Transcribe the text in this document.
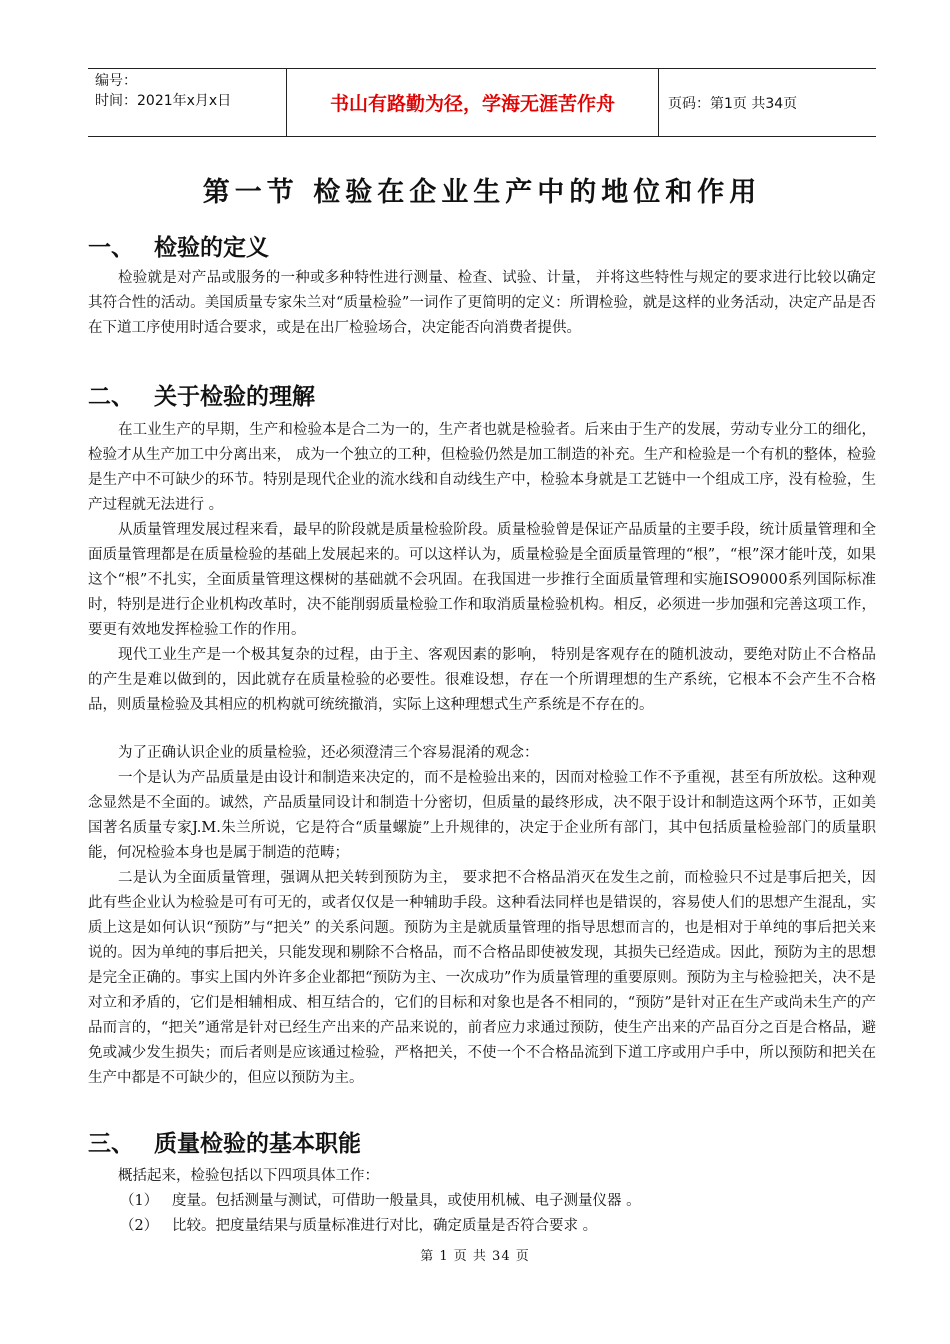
编号：
时间：2021年x月x日	书山有路勤为径，学海无涯苦作舟	页码：第1页 共34页
第一节 检验在企业生产中的地位和作用
一、 检验的定义

检验就是对产品或服务的一种或多种特性进行测量、检查、试验、计量， 并将这些特性与规定的要求进行比较以确定其符合性的活动。美国质量专家朱兰对“质量检验”一词作了更简明的定义：所谓检验，就是这样的业务活动，决定产品是否在下道工序使用时适合要求，或是在出厂检验场合，决定能否向消费者提供。

二、 关于检验的理解

在工业生产的早期，生产和检验本是合二为一的，生产者也就是检验者。后来由于生产的发展，劳动专业分工的细化，检验才从生产加工中分离出来， 成为一个独立的工种，但检验仍然是加工制造的补充。生产和检验是一个有机的整体，检验是生产中不可缺少的环节。特别是现代企业的流水线和自动线生产中，检验本身就是工艺链中一个组成工序，没有检验，生产过程就无法进行 。

从质量管理发展过程来看，最早的阶段就是质量检验阶段。质量检验曾是保证产品质量的主要手段，统计质量管理和全面质量管理都是在质量检验的基础上发展起来的。可以这样认为，质量检验是全面质量管理的“根”，“根”深才能叶茂，如果这个“根”不扎实，全面质量管理这棵树的基础就不会巩固。在我国进一步推行全面质量管理和实施ISO9000系列国际标准时，特别是进行企业机构改革时，决不能削弱质量检验工作和取消质量检验机构。相反，必须进一步加强和完善这项工作，要更有效地发挥检验工作的作用。

现代工业生产是一个极其复杂的过程，由于主、客观因素的影响， 特别是客观存在的随机波动，要绝对防止不合格品的产生是难以做到的，因此就存在质量检验的必要性。很难设想，存在一个所谓理想的生产系统，它根本不会产生不合格品，则质量检验及其相应的机构就可统统撤消，实际上这种理想式生产系统是不存在的。

为了正确认识企业的质量检验，还必须澄清三个容易混淆的观念：

一个是认为产品质量是由设计和制造来决定的，而不是检验出来的，因而对检验工作不予重视，甚至有所放松。这种观念显然是不全面的。诚然，产品质量同设计和制造十分密切，但质量的最终形成，决不限于设计和制造这两个环节，正如美国著名质量专家J.M.朱兰所说，它是符合“质量螺旋”上升规律的，决定于企业所有部门，其中包括质量检验部门的质量职能，何况检验本身也是属于制造的范畴；

二是认为全面质量管理，强调从把关转到预防为主， 要求把不合格品消灭在发生之前，而检验只不过是事后把关，因此有些企业认为检验是可有可无的，或者仅仅是一种辅助手段。这种看法同样也是错误的，容易使人们的思想产生混乱，实质上这是如何认识“预防”与“把关” 的关系问题。预防为主是就质量管理的指导思想而言的，也是相对于单纯的事后把关来说的。因为单纯的事后把关，只能发现和剔除不合格品，而不合格品即使被发现，其损失已经造成。因此，预防为主的思想是完全正确的。事实上国内外许多企业都把“预防为主、一次成功”作为质量管理的重要原则。预防为主与检验把关，决不是对立和矛盾的，它们是相辅相成、相互结合的，它们的目标和对象也是各不相同的，“预防”是针对正在生产或尚未生产的产品而言的，“把关”通常是针对已经生产出来的产品来说的，前者应力求通过预防，使生产出来的产品百分之百是合格品，避免或减少发生损失；而后者则是应该通过检验，严格把关，不使一个不合格品流到下道工序或用户手中，所以预防和把关在生产中都是不可缺少的，但应以预防为主。

三、 质量检验的基本职能

概括起来，检验包括以下四项具体工作：

（1） 度量。包括测量与测试，可借助一般量具，或使用机械、电子测量仪器 。
（2） 比较。把度量结果与质量标准进行对比，确定质量是否符合要求 。
第 1 页 共 34 页
